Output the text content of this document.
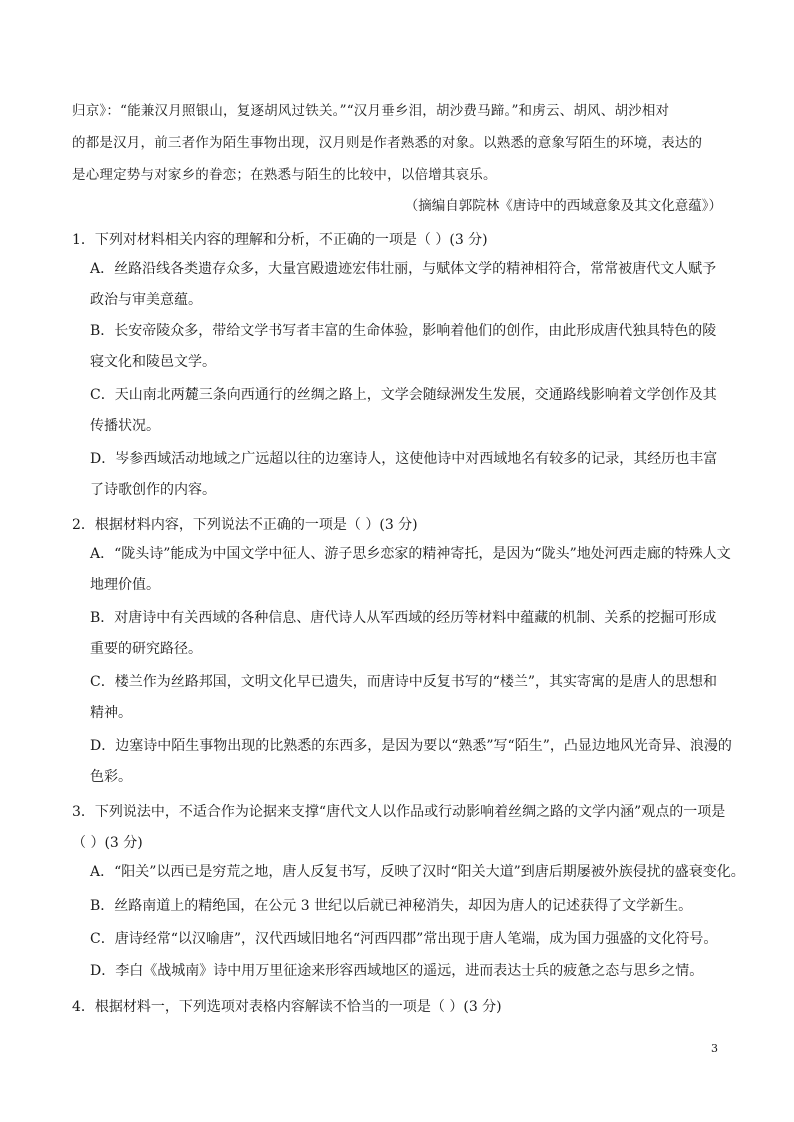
归京》：“能兼汉月照银山，复逐胡风过铁关。”“汉月垂乡泪，胡沙费马蹄。”和虏云、胡风、胡沙相对
的都是汉月，前三者作为陌生事物出现，汉月则是作者熟悉的对象。以熟悉的意象写陌生的环境，表达的
是心理定势与对家乡的眷恋；在熟悉与陌生的比较中，以倍增其哀乐。

（摘编自郭院林《唐诗中的西域意象及其文化意蕴》）
1．下列对材料相关内容的理解和分析，不正确的一项是（ ）(3 分)
A．丝路沿线各类遗存众多，大量宫殿遗迹宏伟壮丽，与赋体文学的精神相符合，常常被唐代文人赋予
政治与审美意蕴。
B．长安帝陵众多，带给文学书写者丰富的生命体验，影响着他们的创作，由此形成唐代独具特色的陵
寝文化和陵邑文学。
C．天山南北两麓三条向西通行的丝绸之路上，文学会随绿洲发生发展，交通路线影响着文学创作及其
传播状况。
D．岑参西域活动地域之广远超以往的边塞诗人，这使他诗中对西域地名有较多的记录，其经历也丰富
了诗歌创作的内容。
2．根据材料内容，下列说法不正确的一项是（ ）(3 分)
A．“陇头诗”能成为中国文学中征人、游子思乡恋家的精神寄托，是因为“陇头”地处河西走廊的特殊人文
地理价值。
B．对唐诗中有关西域的各种信息、唐代诗人从军西域的经历等材料中蕴藏的机制、关系的挖掘可形成
重要的研究路径。
C．楼兰作为丝路邦国，文明文化早已遗失，而唐诗中反复书写的“楼兰”，其实寄寓的是唐人的思想和
精神。
D．边塞诗中陌生事物出现的比熟悉的东西多，是因为要以“熟悉”写“陌生”，凸显边地风光奇异、浪漫的
色彩。
3．下列说法中，不适合作为论据来支撑“唐代文人以作品或行动影响着丝绸之路的文学内涵”观点的一项是
（ ）(3 分)
A．“阳关”以西已是穷荒之地，唐人反复书写，反映了汉时“阳关大道”到唐后期屡被外族侵扰的盛衰变化。
B．丝路南道上的精绝国，在公元 3 世纪以后就已神秘消失，却因为唐人的记述获得了文学新生。
C．唐诗经常“以汉喻唐”，汉代西域旧地名“河西四郡”常出现于唐人笔端，成为国力强盛的文化符号。
D．李白《战城南》诗中用万里征途来形容西域地区的遥远，进而表达士兵的疲惫之态与思乡之情。
4．根据材料一，下列选项对表格内容解读不恰当的一项是（ ）(3 分)
3
